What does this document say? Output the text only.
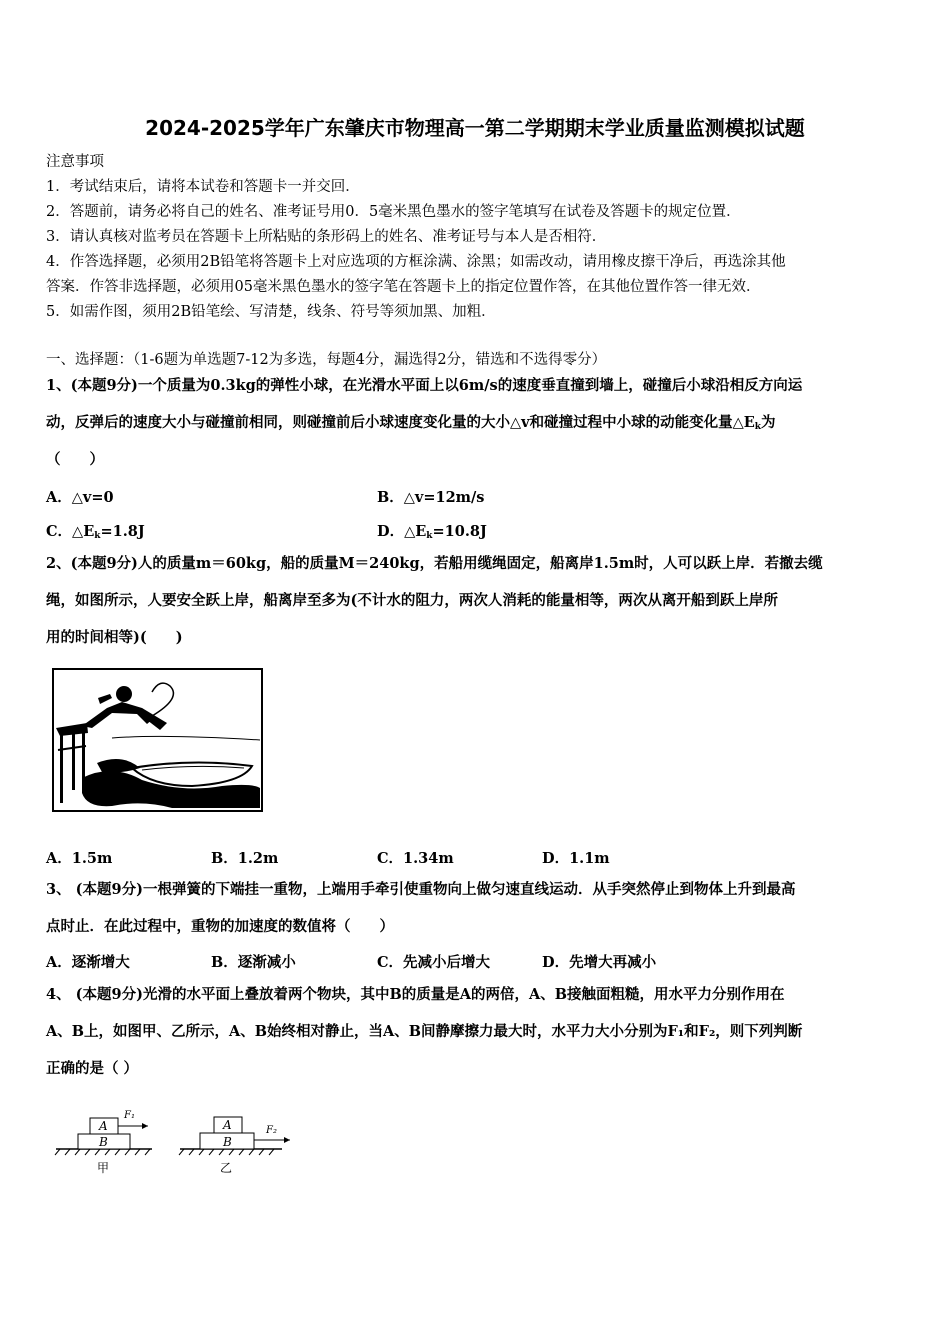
2024-2025学年广东肇庆市物理高一第二学期期末学业质量监测模拟试题
注意事项
1．考试结束后，请将本试卷和答题卡一并交回．
2．答题前，请务必将自己的姓名、准考证号用0．5毫米黑色墨水的签字笔填写在试卷及答题卡的规定位置．
3．请认真核对监考员在答题卡上所粘贴的条形码上的姓名、准考证号与本人是否相符．
4．作答选择题，必须用2B铅笔将答题卡上对应选项的方框涂满、涂黑；如需改动，请用橡皮擦干净后，再选涂其他
答案．作答非选择题，必须用05毫米黑色墨水的签字笔在答题卡上的指定位置作答，在其他位置作答一律无效．
5．如需作图，须用2B铅笔绘、写清楚，线条、符号等须加黑、加粗．
一、选择题：（1-6题为单选题7-12为多选，每题4分，漏选得2分，错选和不选得零分）
1、(本题9分)一个质量为0.3kg的弹性小球，在光滑水平面上以6m/s的速度垂直撞到墙上，碰撞后小球沿相反方向运
动，反弹后的速度大小与碰撞前相同，则碰撞前后小球速度变化量的大小△v和碰撞过程中小球的动能变化量$\triangle E_k$为
（　　）
A．△v=0	B．△v=12m/s
C．$\triangle E_k=1.8J$	D．$\triangle E_k=10.8J$
2、(本题9分)人的质量m＝60kg，船的质量M＝240kg，若船用缆绳固定，船离岸1.5m时，人可以跃上岸．若撤去缆
绳，如图所示，人要安全跃上岸，船离岸至多为(不计水的阻力，两次人消耗的能量相等，两次从离开船到跃上岸所
用的时间相等)(　　)
A．1.5m	B．1.2m	C．1.34m	D．1.1m
3、 (本题9分)一根弹簧的下端挂一重物，上端用手牵引使重物向上做匀速直线运动．从手突然停止到物体上升到最高
点时止．在此过程中，重物的加速度的数值将（　　）
A．逐渐增大	B．逐渐减小	C．先减小后增大	D．先增大再减小
4、 (本题9分)光滑的水平面上叠放着两个物块，其中B的质量是A的两倍，A、B接触面粗糙，用水平力分别作用在
A、B上，如图甲、乙所示，A、B始终相对静止，当A、B间静摩擦力最大时，水平力大小分别为F₁和F₂，则下列判断
正确的是（ ）
A
B
F₁
甲
A
B
F₂
乙
